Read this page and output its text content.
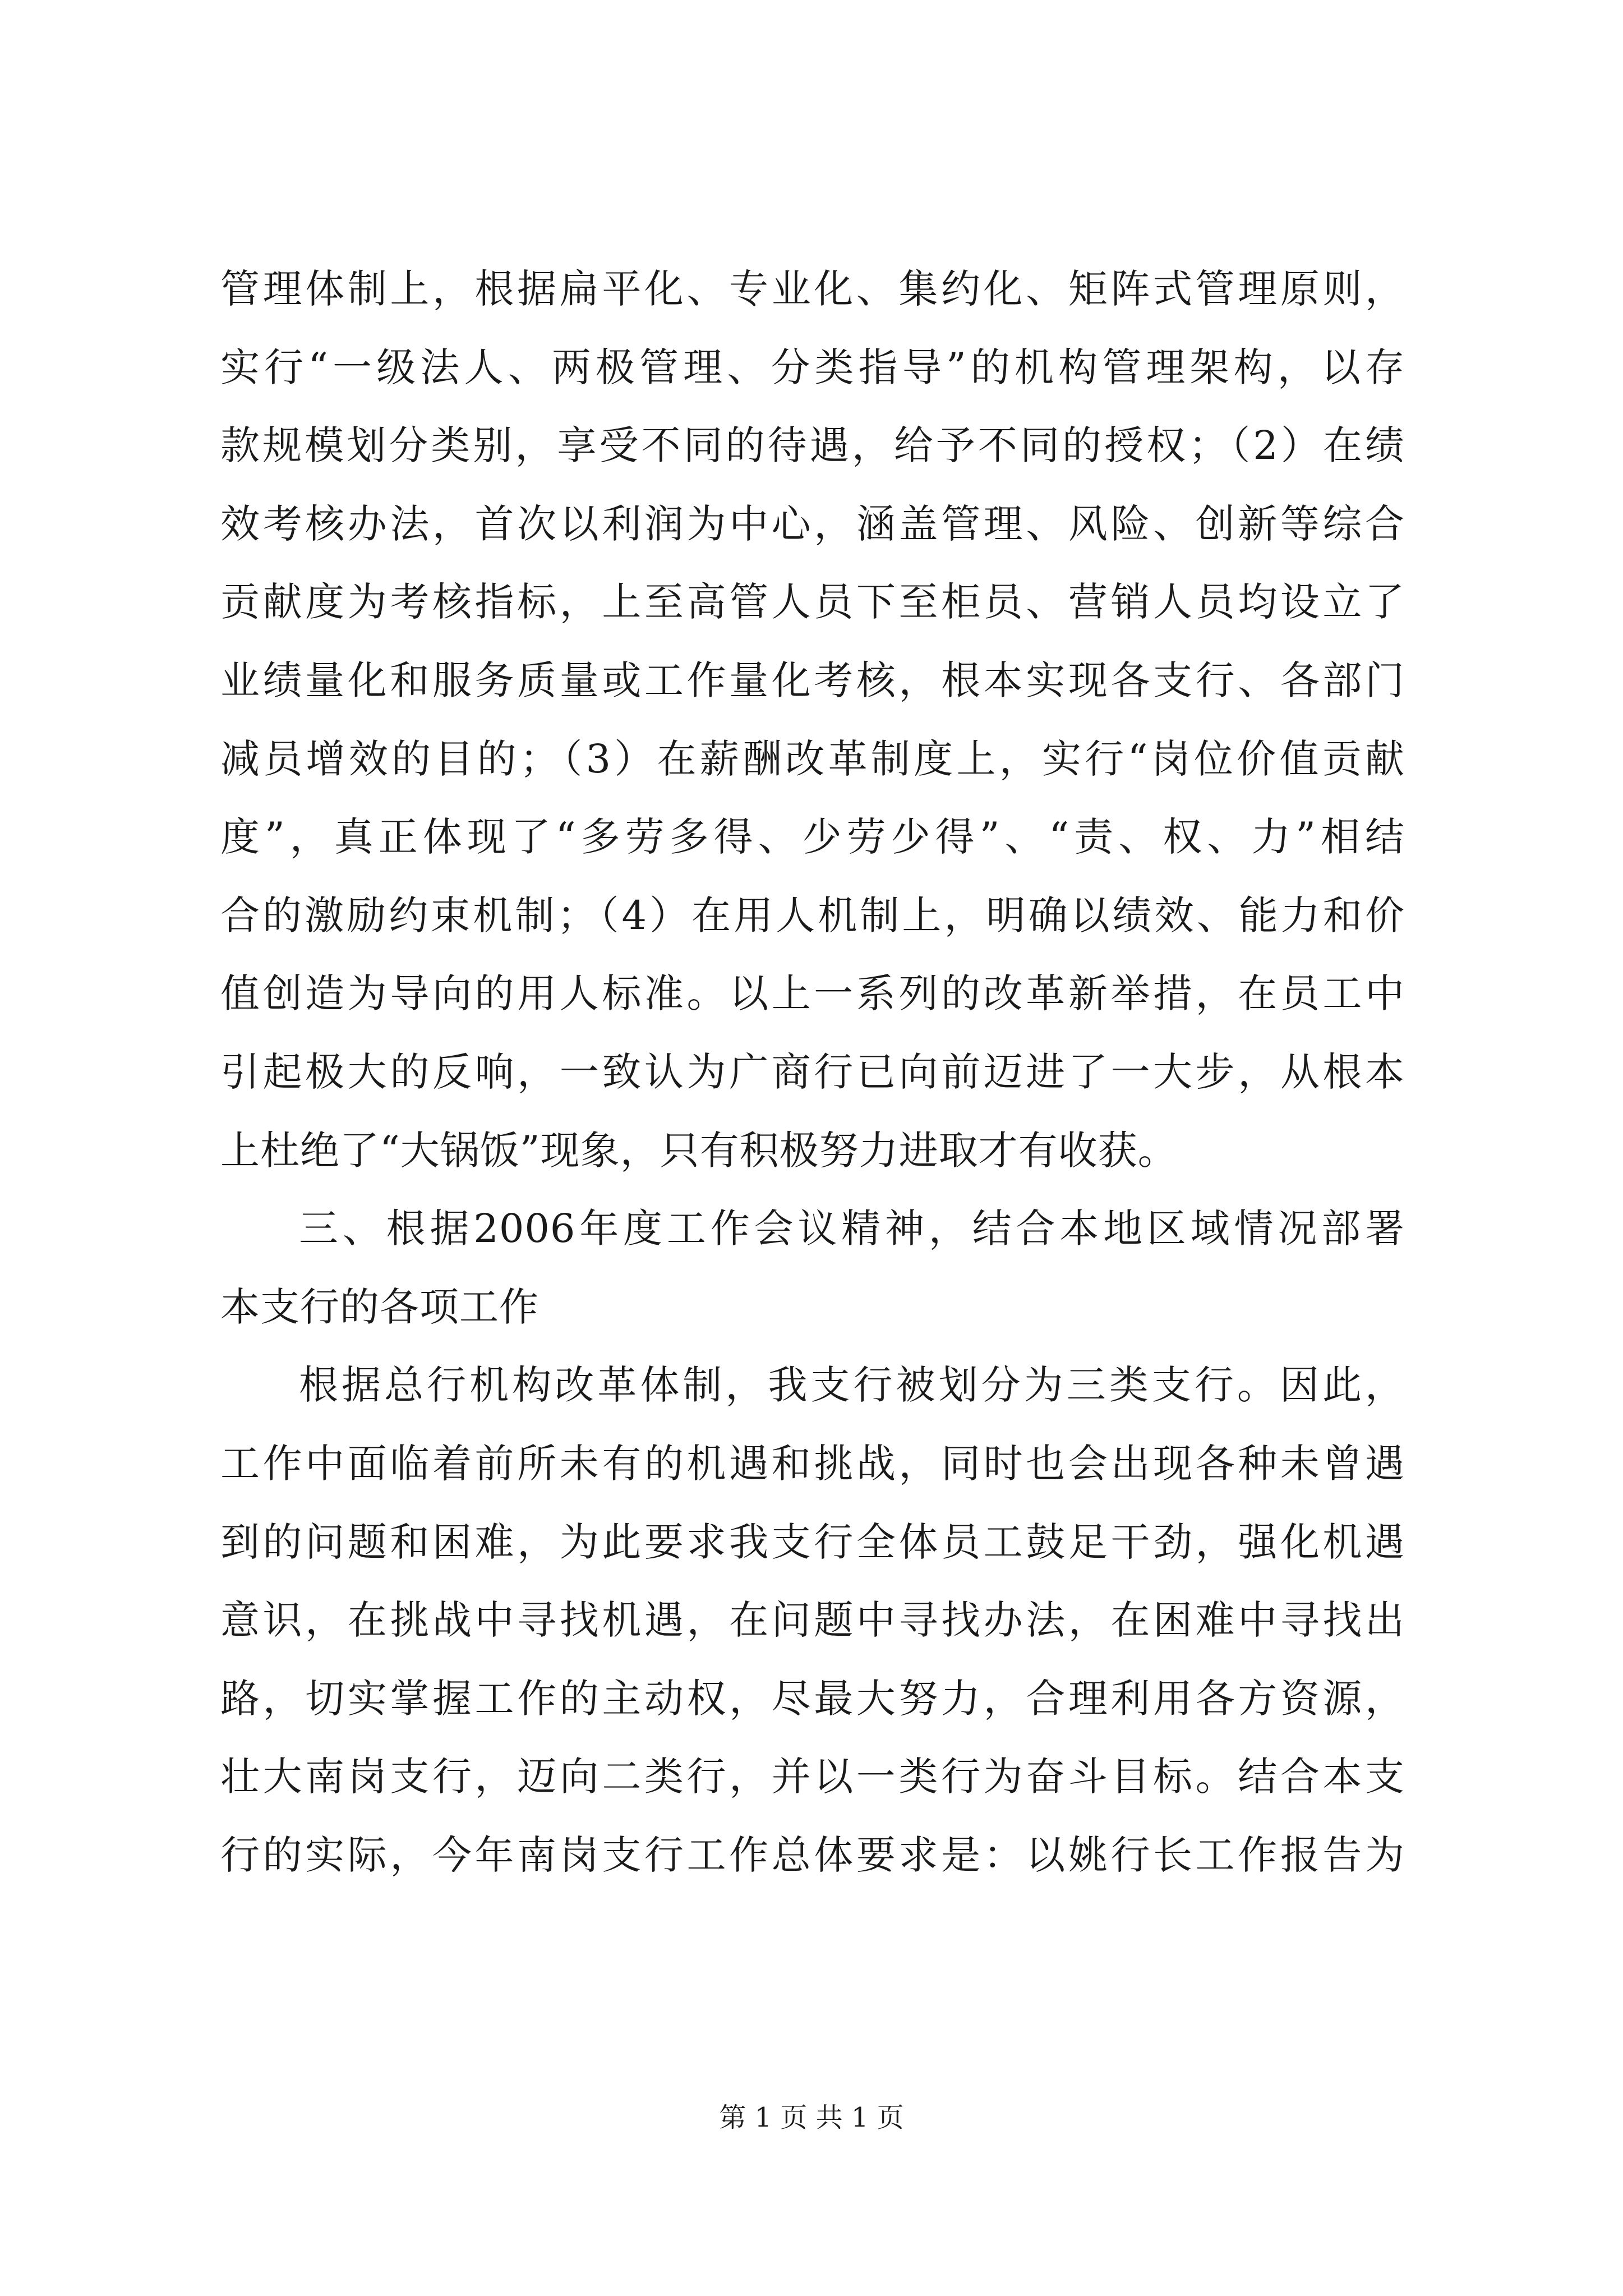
管理体制上，根据扁平化、专业化、集约化、矩阵式管理原则，
实行“一级法人、两极管理、分类指导”的机构管理架构，以存
款规模划分类别，享受不同的待遇，给予不同的授权；（2）在绩
效考核办法，首次以利润为中心，涵盖管理、风险、创新等综合
贡献度为考核指标，上至高管人员下至柜员、营销人员均设立了
业绩量化和服务质量或工作量化考核，根本实现各支行、各部门
减员增效的目的；（3）在薪酬改革制度上，实行“岗位价值贡献
度”，真正体现了“多劳多得、少劳少得”、“责、权、力”相结
合的激励约束机制；（4）在用人机制上，明确以绩效、能力和价
值创造为导向的用人标准。以上一系列的改革新举措，在员工中
引起极大的反响，一致认为广商行已向前迈进了一大步，从根本
上杜绝了“大锅饭”现象，只有积极努力进取才有收获。
三、根据2006年度工作会议精神，结合本地区域情况部署
本支行的各项工作
根据总行机构改革体制，我支行被划分为三类支行。因此，
工作中面临着前所未有的机遇和挑战，同时也会出现各种未曾遇
到的问题和困难，为此要求我支行全体员工鼓足干劲，强化机遇
意识，在挑战中寻找机遇，在问题中寻找办法，在困难中寻找出
路，切实掌握工作的主动权，尽最大努力，合理利用各方资源，
壮大南岗支行，迈向二类行，并以一类行为奋斗目标。结合本支
行的实际，今年南岗支行工作总体要求是：以姚行长工作报告为
第 1 页 共 1 页
